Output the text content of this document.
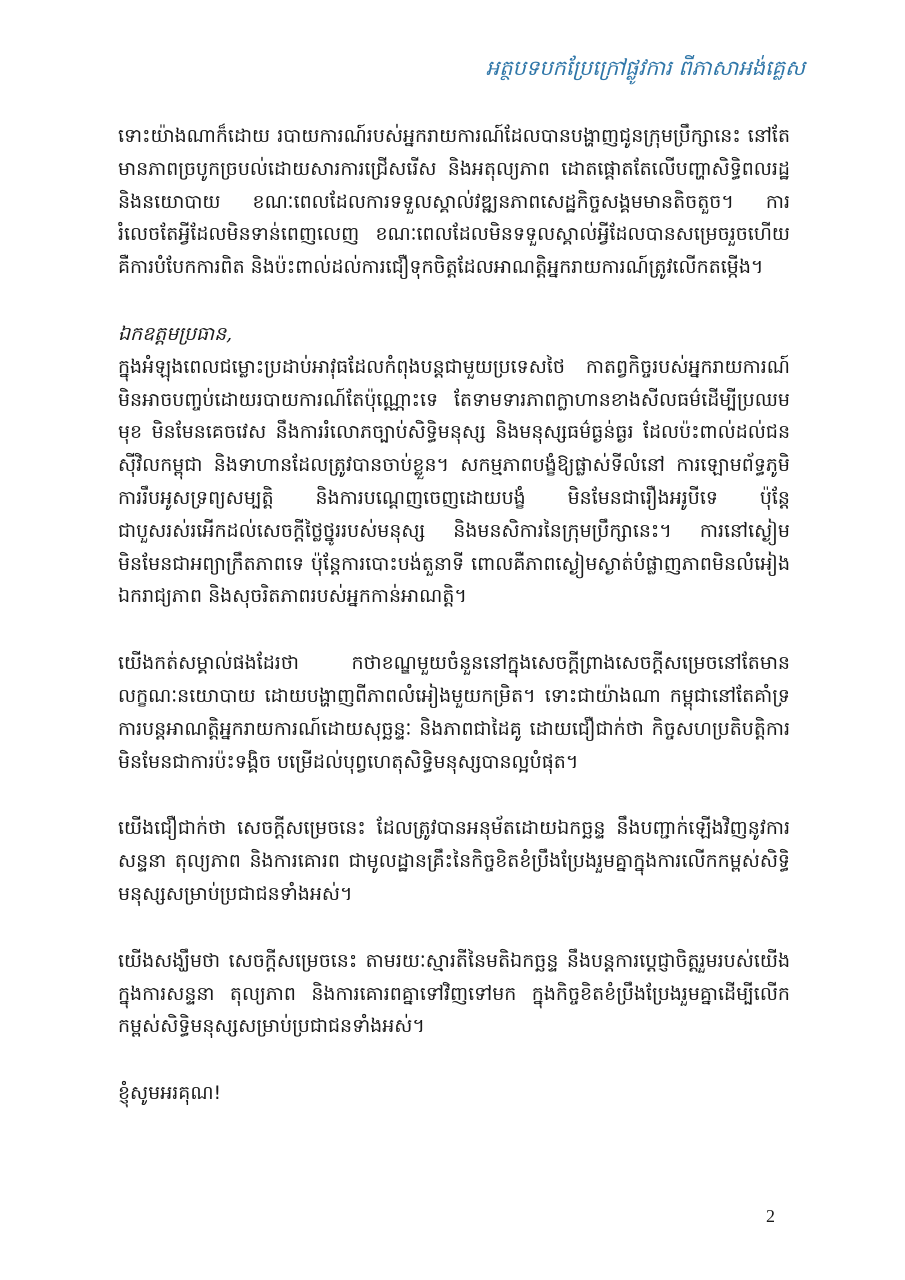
អត្ថបទបកប្រែក្រៅផ្លូវការ ពីភាសាអង់គ្លេស

ទោះយ៉ាងណាក៏ដោយ របាយការណ៍របស់អ្នករាយការណ៍ដែលបានបង្ហាញជូនក្រុមប្រឹក្សានេះ នៅតែមានភាពច្របូកច្របល់ដោយសារការជ្រើសរើស និងអតុល្យភាព ដោតផ្តោតតែលើបញ្ហាសិទ្ធិពលរដ្ឋ និងនយោបាយ ខណៈពេលដែលការទទួលស្គាល់វឌ្ឍនភាពសេដ្ឋកិច្ចសង្គមមានតិចតួច។ ការរំលេចតែអ្វីដែលមិនទាន់ពេញលេញ ខណៈពេលដែលមិនទទួលស្គាល់អ្វីដែលបានសម្រេចរួចហើយ គឺការបំបែកការពិត និងប៉ះពាល់ដល់ការជឿទុកចិត្តដែលអាណត្តិអ្នករាយការណ៍ត្រូវលើកតម្កើង។

ឯកឧត្តមប្រធាន,

ក្នុងអំឡុងពេលជម្លោះប្រដាប់អាវុធដែលកំពុងបន្តជាមួយប្រទេសថៃ កាតព្វកិច្ចរបស់អ្នករាយការណ៍មិនអាចបញ្ចប់ដោយរបាយការណ៍តែប៉ុណ្ណោះទេ តែទាមទារភាពក្លាហានខាងសីលធម៌ដើម្បីប្រឈមមុខ មិនមែនគេចវេស នឹងការរំលោភច្បាប់សិទ្ធិមនុស្ស និងមនុស្សធម៌ធ្ងន់ធ្ងរ ដែលប៉ះពាល់ដល់ជនស៊ីវិលកម្ពុជា និងទាហានដែលត្រូវបានចាប់ខ្លួន។ សកម្មភាពបង្ខំឱ្យផ្លាស់ទីលំនៅ ការឡោមព័ទ្ធភូមិ ការរឹបអូសទ្រព្យសម្បត្តិ និងការបណ្តេញចេញដោយបង្ខំ មិនមែនជារឿងអរូបីទេ ប៉ុន្តែជាបួសរស់រអើកដល់សេចក្តីថ្លៃថ្នូររបស់មនុស្ស និងមនសិការនៃក្រុមប្រឹក្សានេះ។ ការនៅស្ងៀមមិនមែនជាអព្យាក្រឹតភាពទេ ប៉ុន្តែការបោះបង់តួនាទី ពោលគឺភាពស្ងៀមស្ងាត់បំផ្លាញភាពមិនលំអៀង ឯករាជ្យភាព និងសុចរិតភាពរបស់អ្នកកាន់អាណត្តិ។

យើងកត់សម្គាល់ផងដែរថា កថាខណ្ឌមួយចំនួននៅក្នុងសេចក្តីព្រាងសេចក្តីសម្រេចនៅតែមានលក្ខណៈនយោបាយ ដោយបង្ហាញពីភាពលំអៀងមួយកម្រិត។ ទោះជាយ៉ាងណា កម្ពុជានៅតែគាំទ្រការបន្តអាណត្តិអ្នករាយការណ៍ដោយសុច្ឆន្ទៈ និងភាពជាដៃគូ ដោយជឿជាក់ថា កិច្ចសហប្រតិបត្តិការ មិនមែនជាការប៉ះទង្គិច បម្រើដល់បុព្វហេតុសិទ្ធិមនុស្សបានល្អបំផុត។

យើងជឿជាក់ថា សេចក្តីសម្រេចនេះ ដែលត្រូវបានអនុម័តដោយឯកច្ឆន្ទ នឹងបញ្ជាក់ឡើងវិញនូវការសន្ទនា តុល្យភាព និងការគោរព ជាមូលដ្ឋានគ្រឹះនៃកិច្ចខិតខំប្រឹងប្រែងរួមគ្នាក្នុងការលើកកម្ពស់សិទ្ធិមនុស្សសម្រាប់ប្រជាជនទាំងអស់។

យើងសង្ឃឹមថា សេចក្តីសម្រេចនេះ តាមរយៈស្មារតីនៃមតិឯកច្ឆន្ទ នឹងបន្តការប្តេជ្ញាចិត្តរួមរបស់យើងក្នុងការសន្ទនា តុល្យភាព និងការគោរពគ្នាទៅវិញទៅមក ក្នុងកិច្ចខិតខំប្រឹងប្រែងរួមគ្នាដើម្បីលើកកម្ពស់សិទ្ធិមនុស្សសម្រាប់ប្រជាជនទាំងអស់។

ខ្ញុំសូមអរគុណ!

2
